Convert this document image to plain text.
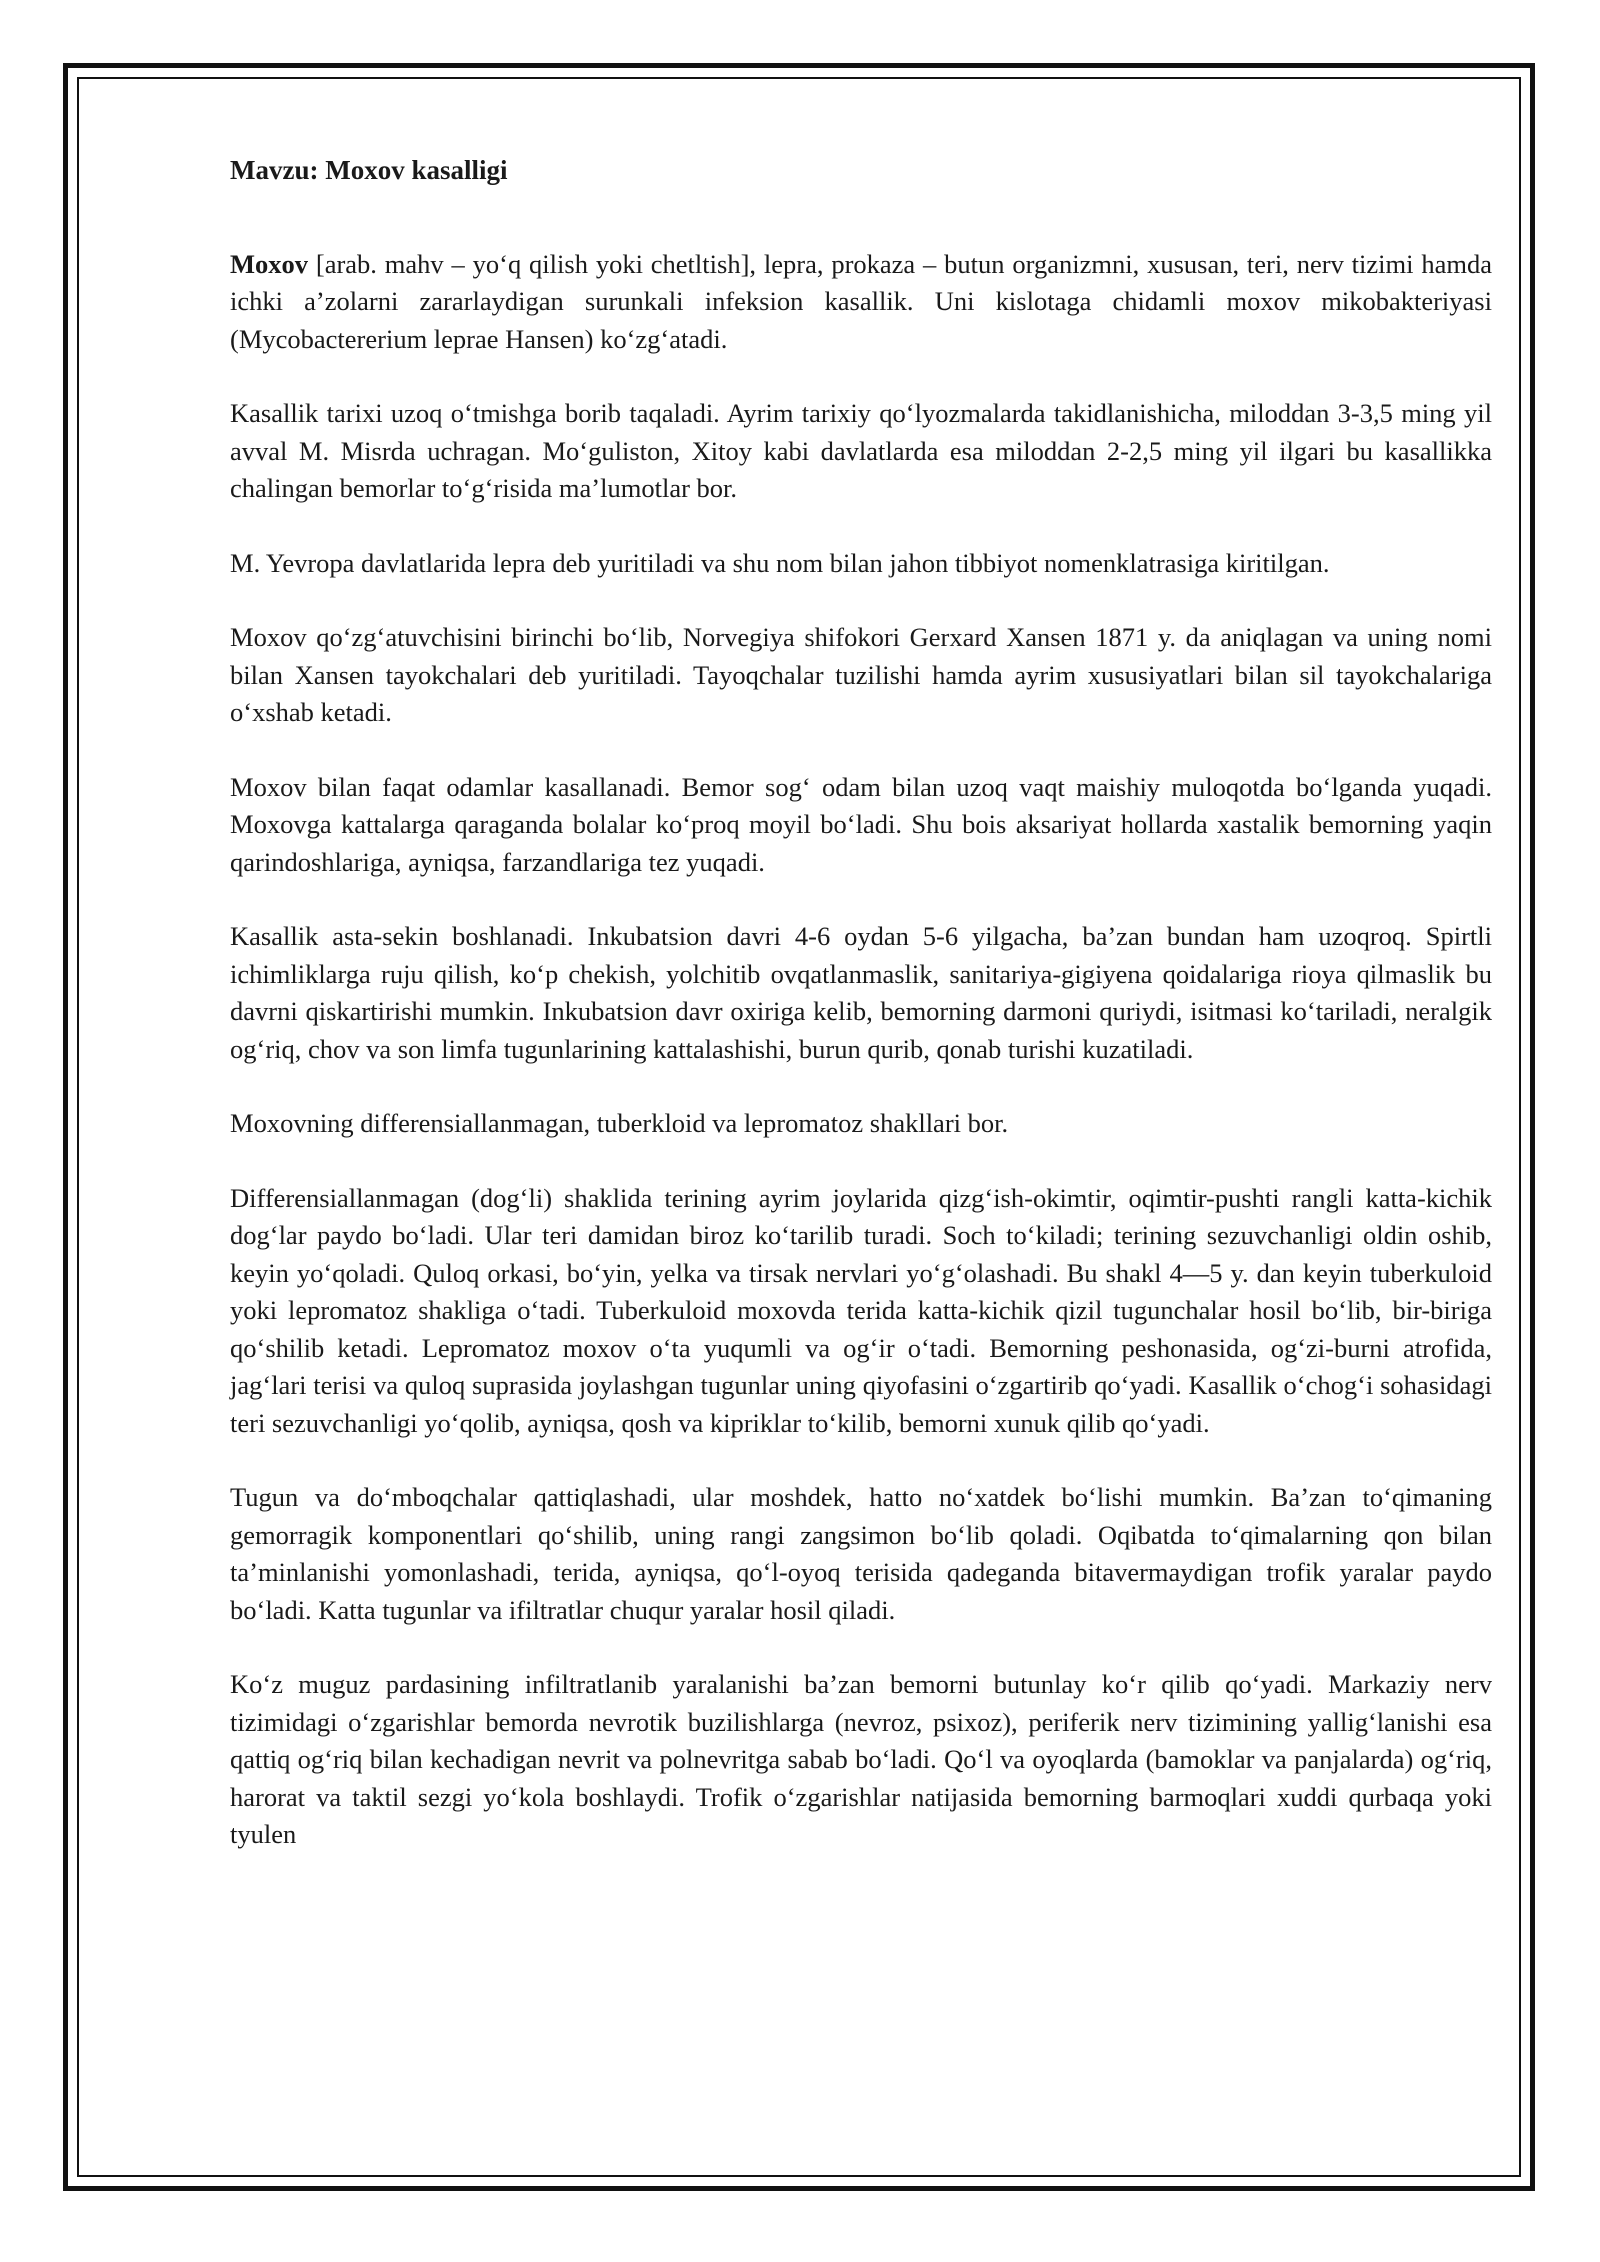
Mavzu: Moxov kasalligi

Moxov [arab. mahv – yo‘q qilish yoki chetltish], lepra, prokaza – butun organizmni, xususan, teri, nerv tizimi hamda ichki a’zolarni zararlaydigan surunkali infeksion kasallik. Uni kislotaga chidamli moxov mikobakteriyasi (Mycobactererium leprae Hansen) ko‘zg‘atadi.

Kasallik tarixi uzoq o‘tmishga borib taqaladi. Ayrim tarixiy qo‘lyozmalarda takidlanishicha, miloddan 3-3,5 ming yil avval M. Misrda uchragan. Mo‘guliston, Xitoy kabi davlatlarda esa miloddan 2-2,5 ming yil ilgari bu kasallikka chalingan bemorlar to‘g‘risida ma’lumotlar bor.

M. Yevropa davlatlarida lepra deb yuritiladi va shu nom bilan jahon tibbiyot nomenklatrasiga kiritilgan.

Moxov qo‘zg‘atuvchisini birinchi bo‘lib, Norvegiya shifokori Gerxard Xansen 1871 y. da aniqlagan va uning nomi bilan Xansen tayokchalari deb yuritiladi. Tayoqchalar tuzilishi hamda ayrim xususiyatlari bilan sil tayokchalariga o‘xshab ketadi.

Moxov bilan faqat odamlar kasallanadi. Bemor sog‘ odam bilan uzoq vaqt maishiy muloqotda bo‘lganda yuqadi. Moxovga kattalarga qaraganda bolalar ko‘proq moyil bo‘ladi. Shu bois aksariyat hollarda xastalik bemorning yaqin qarindoshlariga, ayniqsa, farzandlariga tez yuqadi.

Kasallik asta-sekin boshlanadi. Inkubatsion davri 4-6 oydan 5-6 yilgacha, ba’zan bundan ham uzoqroq. Spirtli ichimliklarga ruju qilish, ko‘p chekish, yolchitib ovqatlanmaslik, sanitariya-gigiyena qoidalariga rioya qilmaslik bu davrni qiskartirishi mumkin. Inkubatsion davr oxiriga kelib, bemorning darmoni quriydi, isitmasi ko‘tariladi, neralgik og‘riq, chov va son limfa tugunlarining kattalashishi, burun qurib, qonab turishi kuzatiladi.

Moxovning differensiallanmagan, tuberkloid va lepromatoz shakllari bor.

Differensiallanmagan (dog‘li) shaklida terining ayrim joylarida qizg‘ish-okimtir, oqimtir-pushti rangli katta-kichik dog‘lar paydo bo‘ladi. Ular teri damidan biroz ko‘tarilib turadi. Soch to‘kiladi; terining sezuvchanligi oldin oshib, keyin yo‘qoladi. Quloq orkasi, bo‘yin, yelka va tirsak nervlari yo‘g‘olashadi. Bu shakl 4—5 y. dan keyin tuberkuloid yoki lepromatoz shakliga o‘tadi. Tuberkuloid moxovda terida katta-kichik qizil tugunchalar hosil bo‘lib, bir-biriga qo‘shilib ketadi. Lepromatoz moxov o‘ta yuqumli va og‘ir o‘tadi. Bemorning peshonasida, og‘zi-burni atrofida, jag‘lari terisi va quloq suprasida joylashgan tugunlar uning qiyofasini o‘zgartirib qo‘yadi. Kasallik o‘chog‘i sohasidagi teri sezuvchanligi yo‘qolib, ayniqsa, qosh va kipriklar to‘kilib, bemorni xunuk qilib qo‘yadi.

Tugun va do‘mboqchalar qattiqlashadi, ular moshdek, hatto no‘xatdek bo‘lishi mumkin. Ba’zan to‘qimaning gemorragik komponentlari qo‘shilib, uning rangi zangsimon bo‘lib qoladi. Oqibatda to‘qimalarning qon bilan ta’minlanishi yomonlashadi, terida, ayniqsa, qo‘l-oyoq terisida qadeganda bitavermaydigan trofik yaralar paydo bo‘ladi. Katta tugunlar va ifiltratlar chuqur yaralar hosil qiladi.

Ko‘z muguz pardasining infiltratlanib yaralanishi ba’zan bemorni butunlay ko‘r qilib qo‘yadi. Markaziy nerv tizimidagi o‘zgarishlar bemorda nevrotik buzilishlarga (nevroz, psixoz), periferik nerv tizimining yallig‘lanishi esa qattiq og‘riq bilan kechadigan nevrit va polnevritga sabab bo‘ladi. Qo‘l va oyoqlarda (bamoklar va panjalarda) og‘riq, harorat va taktil sezgi yo‘kola boshlaydi. Trofik o‘zgarishlar natijasida bemorning barmoqlari xuddi qurbaqa yoki tyulen
